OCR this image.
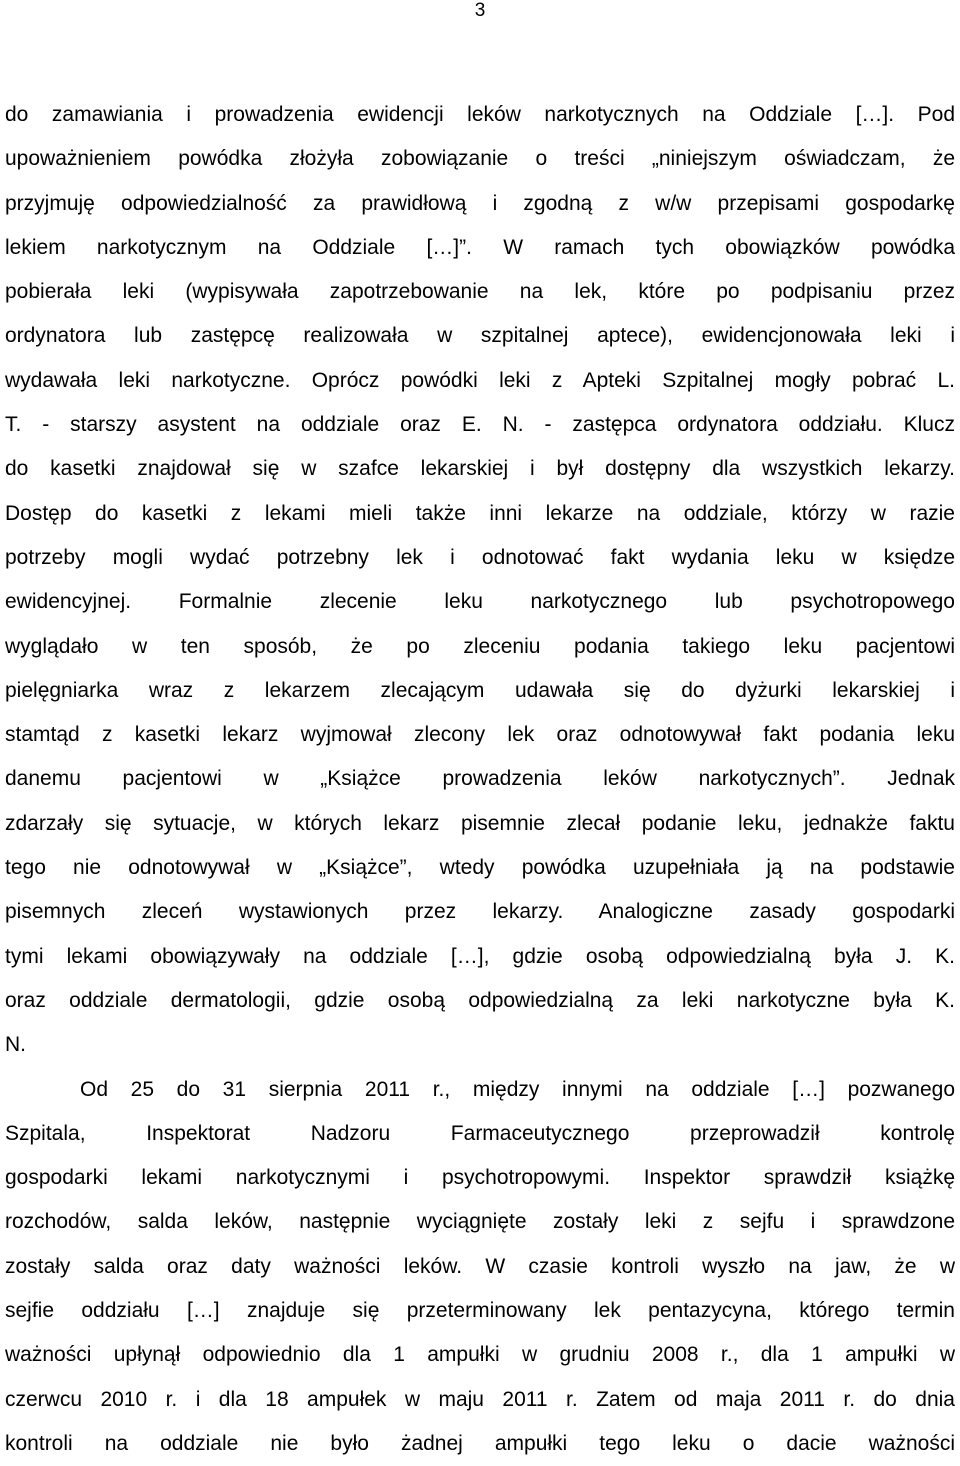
3
do zamawiania i prowadzenia ewidencji leków narkotycznych na Oddziale […]. Pod
upoważnieniem powódka złożyła zobowiązanie o treści „niniejszym oświadczam, że
przyjmuję odpowiedzialność za prawidłową i zgodną z w/w przepisami gospodarkę
lekiem narkotycznym na Oddziale […]”. W ramach tych obowiązków powódka
pobierała leki (wypisywała zapotrzebowanie na lek, które po podpisaniu przez
ordynatora lub zastępcę realizowała w szpitalnej aptece), ewidencjonowała leki i
wydawała leki narkotyczne. Oprócz powódki leki z Apteki Szpitalnej mogły pobrać L.
T. - starszy asystent na oddziale oraz E. N. - zastępca ordynatora oddziału. Klucz
do kasetki znajdował się w szafce lekarskiej i był dostępny dla wszystkich lekarzy.
Dostęp do kasetki z lekami mieli także inni lekarze na oddziale, którzy w razie
potrzeby mogli wydać potrzebny lek i odnotować fakt wydania leku w księdze
ewidencyjnej. Formalnie zlecenie leku narkotycznego lub psychotropowego
wyglądało w ten sposób, że po zleceniu podania takiego leku pacjentowi
pielęgniarka wraz z lekarzem zlecającym udawała się do dyżurki lekarskiej i
stamtąd z kasetki lekarz wyjmował zlecony lek oraz odnotowywał fakt podania leku
danemu pacjentowi w „Książce prowadzenia leków narkotycznych”. Jednak
zdarzały się sytuacje, w których lekarz pisemnie zlecał podanie leku, jednakże faktu
tego nie odnotowywał w „Książce”, wtedy powódka uzupełniała ją na podstawie
pisemnych zleceń wystawionych przez lekarzy. Analogiczne zasady gospodarki
tymi lekami obowiązywały na oddziale […], gdzie osobą odpowiedzialną była J. K.
oraz oddziale dermatologii, gdzie osobą odpowiedzialną za leki narkotyczne była K.
N.
Od 25 do 31 sierpnia 2011 r., między innymi na oddziale […] pozwanego
Szpitala, Inspektorat Nadzoru Farmaceutycznego przeprowadził kontrolę
gospodarki lekami narkotycznymi i psychotropowymi. Inspektor sprawdził książkę
rozchodów, salda leków, następnie wyciągnięte zostały leki z sejfu i sprawdzone
zostały salda oraz daty ważności leków. W czasie kontroli wyszło na jaw, że w
sejfie oddziału […] znajduje się przeterminowany lek pentazycyna, którego termin
ważności upłynął odpowiednio dla 1 ampułki w grudniu 2008 r., dla 1 ampułki w
czerwcu 2010 r. i dla 18 ampułek w maju 2011 r. Zatem od maja 2011 r. do dnia
kontroli na oddziale nie było żadnej ampułki tego leku o dacie ważności
